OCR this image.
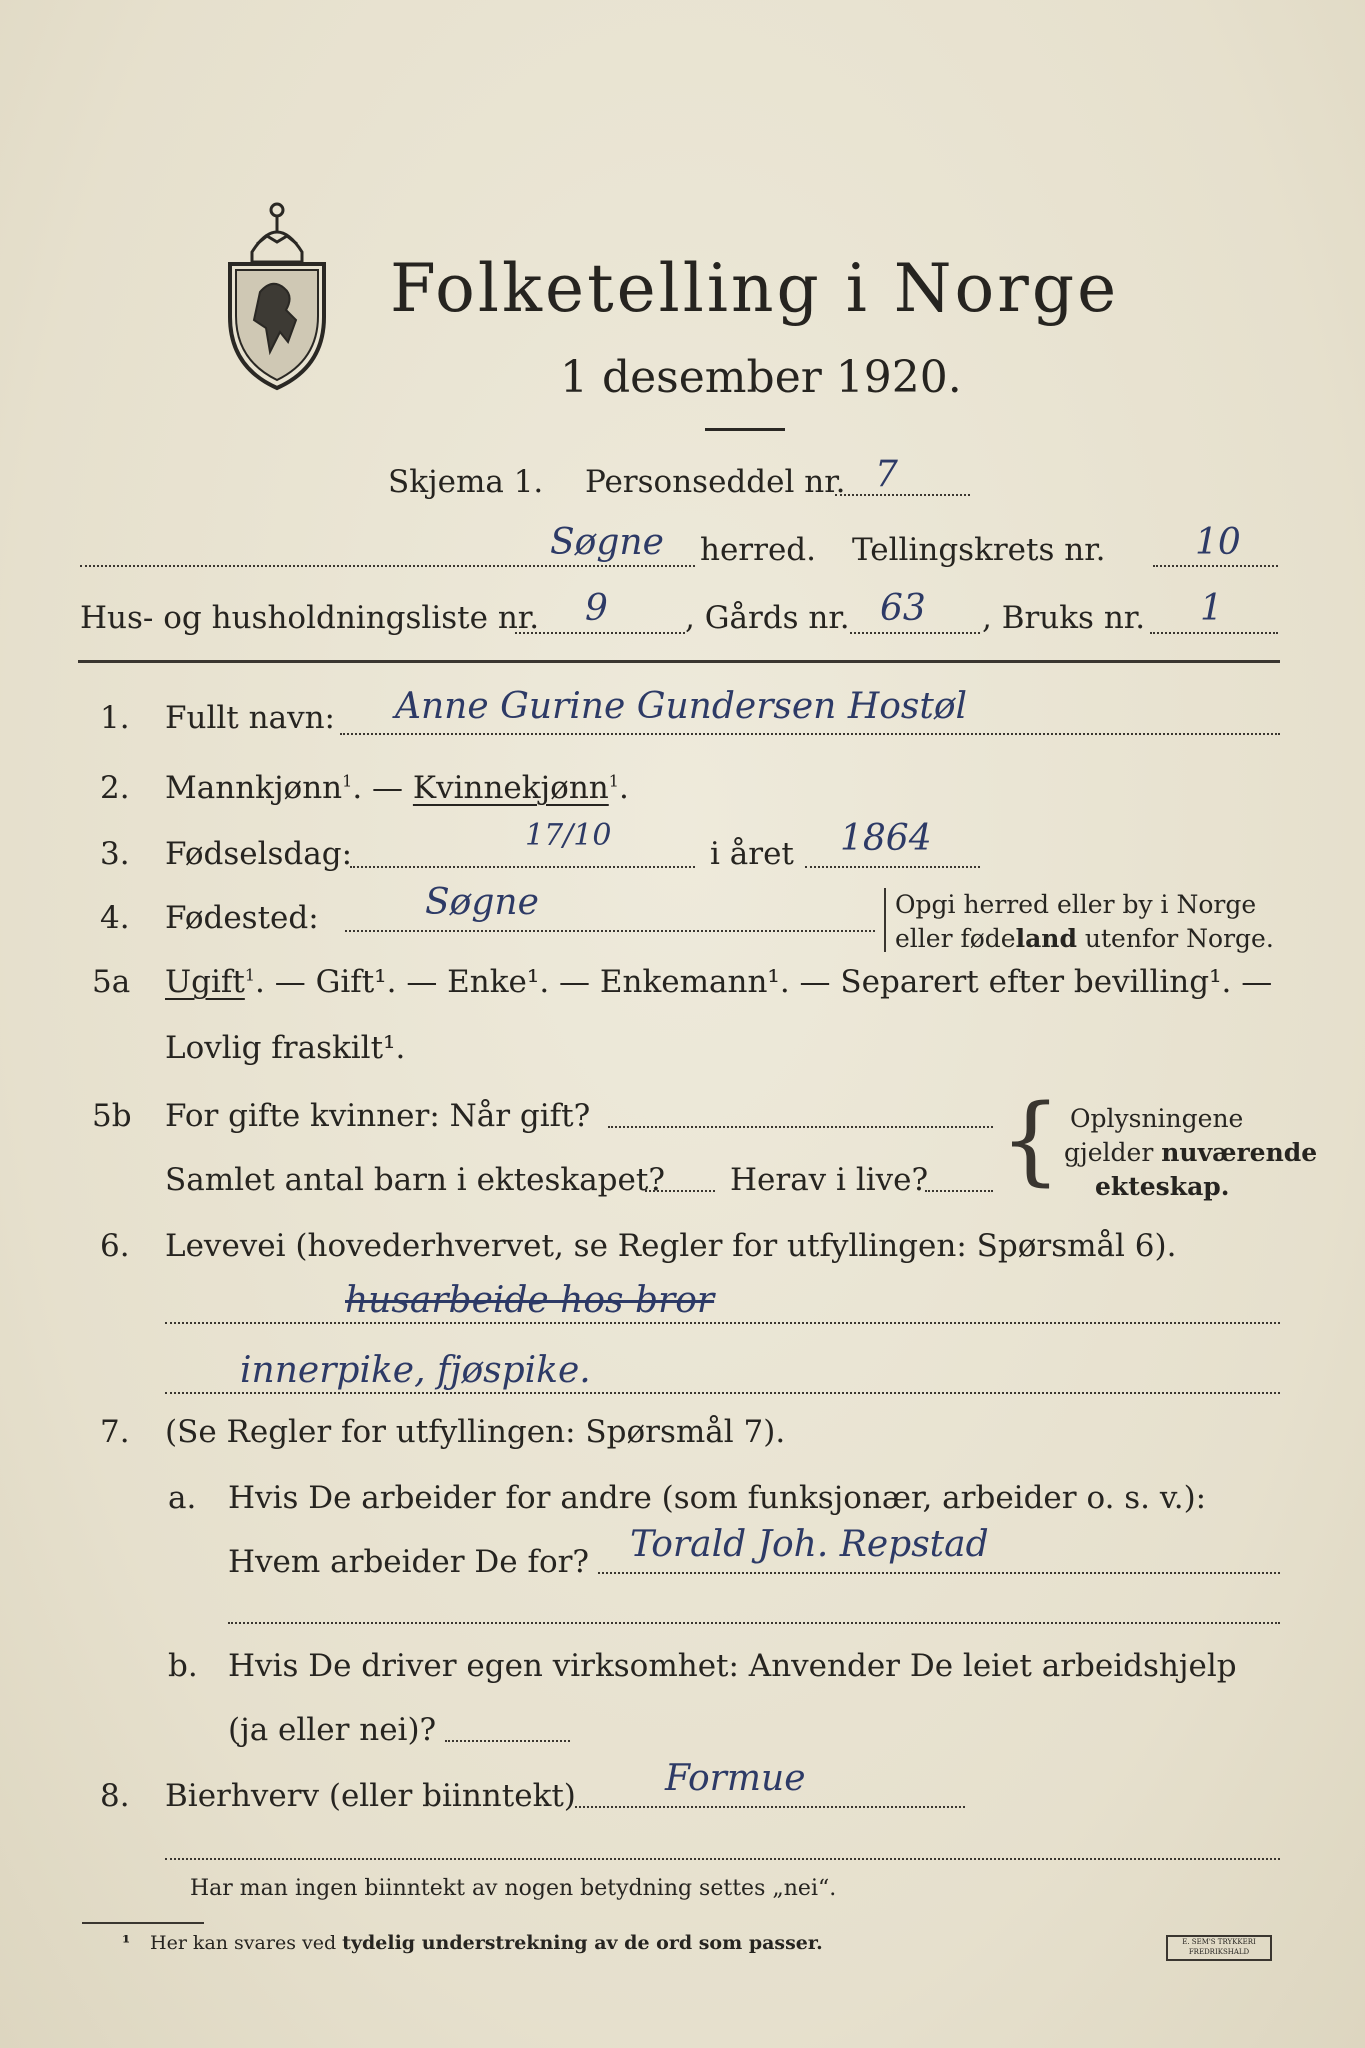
Folketelling i Norge
1 desember 1920.
Skjema 1. Personseddel nr. 7
Søgne herred. Tellingskrets nr. 10
Hus- og husholdningsliste nr. 9 , Gårds nr. 63 , Bruks nr. 1
1. Fullt navn: Anne Gurine Gundersen Hostøl
2. Mannkjønn$^1$. — Kvinnekjønn$^1$.
3. Fødselsdag:
17/10
i året 1864
4. Fødested:	Søgne	Opgi herred eller by i Norge
eller fødeland utenfor Norge.
5a Ugift$^1$. — Gift¹. — Enke¹. — Enkemann¹. — Separert efter bevilling¹. —
Lovlig fraskilt¹.
5b For gifte kvinner: Når gift?
Samlet antal barn i ekteskapet? Herav i live? { Oplysningene
gjelder nuværende
ekteskap.
6. Levevei (hovederhvervet, se Regler for utfyllingen: Spørsmål 6).
husarbeide hos bror
innerpike, fjøspike.
7. (Se Regler for utfyllingen: Spørsmål 7).
a. Hvis De arbeider for andre (som funksjonær, arbeider o. s. v.):
Hvem arbeider De for? Torald Joh. Repstad
b. Hvis De driver egen virksomhet: Anvender De leiet arbeidshjelp
(ja eller nei)?
8. Bierhverv (eller biinntekt) Formue
Har man ingen biinntekt av nogen betydning settes „nei“.
¹ Her kan svares ved tydelig understrekning av de ord som passer.	E. SEM'S TRYKKERI FREDRIKSHALD
